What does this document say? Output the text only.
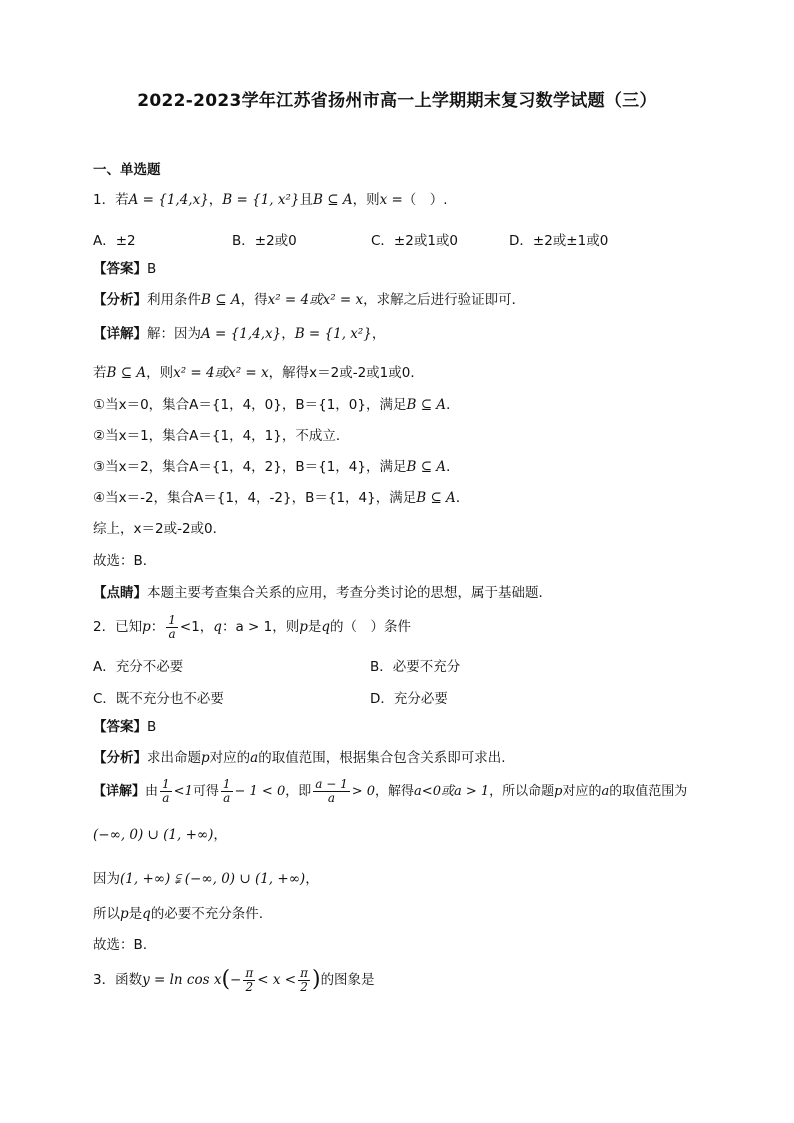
2022-2023学年江苏省扬州市高一上学期期末复习数学试题（三）
一、单选题
1．若A = {1,4,x}，B = {1, x²}且B ⊆ A，则x =（　）.
A．±2	B．±2或0	C．±2或1或0	D．±2或±1或0
【答案】B
【分析】利用条件B ⊆ A，得x² = 4或x² = x，求解之后进行验证即可．
【详解】解：因为A = {1,4,x}，B = {1, x²}，
若B ⊆ A，则x² = 4或x² = x，解得x＝2或-2或1或0．
①当x＝0，集合A＝{1，4，0}，B＝{1，0}，满足B ⊆ A．
②当x＝1，集合A＝{1，4，1}，不成立．
③当x＝2，集合A＝{1，4，2}，B＝{1，4}，满足B ⊆ A．
④当x＝-2，集合A＝{1，4，-2}，B＝{1，4}，满足B ⊆ A．
综上，x＝2或-2或0．
故选：B．
【点睛】本题主要考查集合关系的应用，考查分类讨论的思想，属于基础题．
2．已知p： $\frac{1}{a} <1$，q：a > 1，则p是q的（　）条件
A．充分不必要	B．必要不充分
C．既不充分也不必要	D．充分必要
【答案】B
【分析】求出命题p对应的a的取值范围，根据集合包含关系即可求出.
【详解】由 $\frac{1}{a} <1$可得 $\frac{1}{a} - 1 < 0$，即 $\frac{a - 1}{a} > 0$，解得a<0或a > 1，所以命题p对应的a的取值范围为
(−∞, 0) ∪ (1, +∞)，
因为(1, +∞) ⫋ (−∞, 0) ∪ (1, +∞)，
所以p是q的必要不充分条件.
故选：B.
3．函数$y = \ln \cos x(- \frac{\pi}{2} < x < \frac{\pi}{2}$ )的图象是
